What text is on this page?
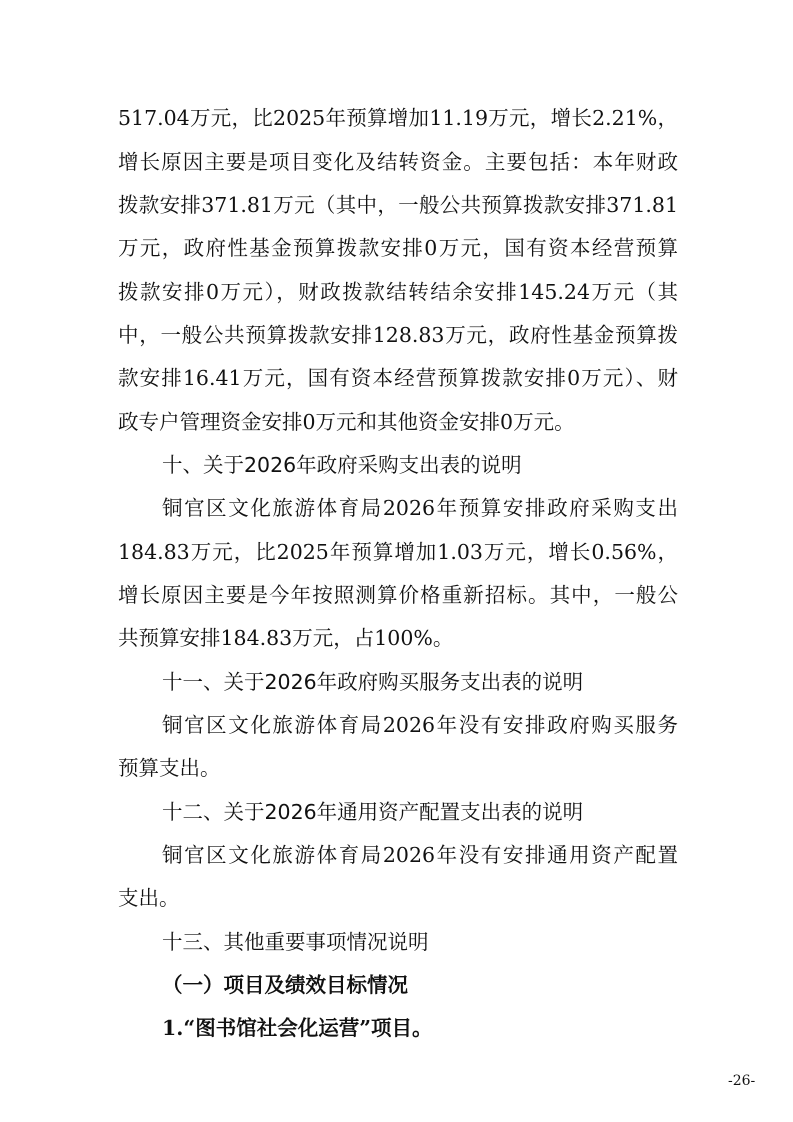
517.04万元，比2025年预算增加11.19万元，增长2.21%，
增长原因主要是项目变化及结转资金。主要包括：本年财政
拨款安排371.81万元（其中，一般公共预算拨款安排371.81
万元，政府性基金预算拨款安排0万元，国有资本经营预算
拨款安排0万元），财政拨款结转结余安排145.24万元（其
中，一般公共预算拨款安排128.83万元，政府性基金预算拨
款安排16.41万元，国有资本经营预算拨款安排0万元）、财
政专户管理资金安排0万元和其他资金安排0万元。
十、关于2026年政府采购支出表的说明
铜官区文化旅游体育局2026年预算安排政府采购支出
184.83万元，比2025年预算增加1.03万元，增长0.56%，
增长原因主要是今年按照测算价格重新招标。其中，一般公
共预算安排184.83万元，占100%。
十一、关于2026年政府购买服务支出表的说明
铜官区文化旅游体育局2026年没有安排政府购买服务
预算支出。
十二、关于2026年通用资产配置支出表的说明
铜官区文化旅游体育局2026年没有安排通用资产配置
支出。
十三、其他重要事项情况说明
（一）项目及绩效目标情况
1.“图书馆社会化运营”项目。
-26-
